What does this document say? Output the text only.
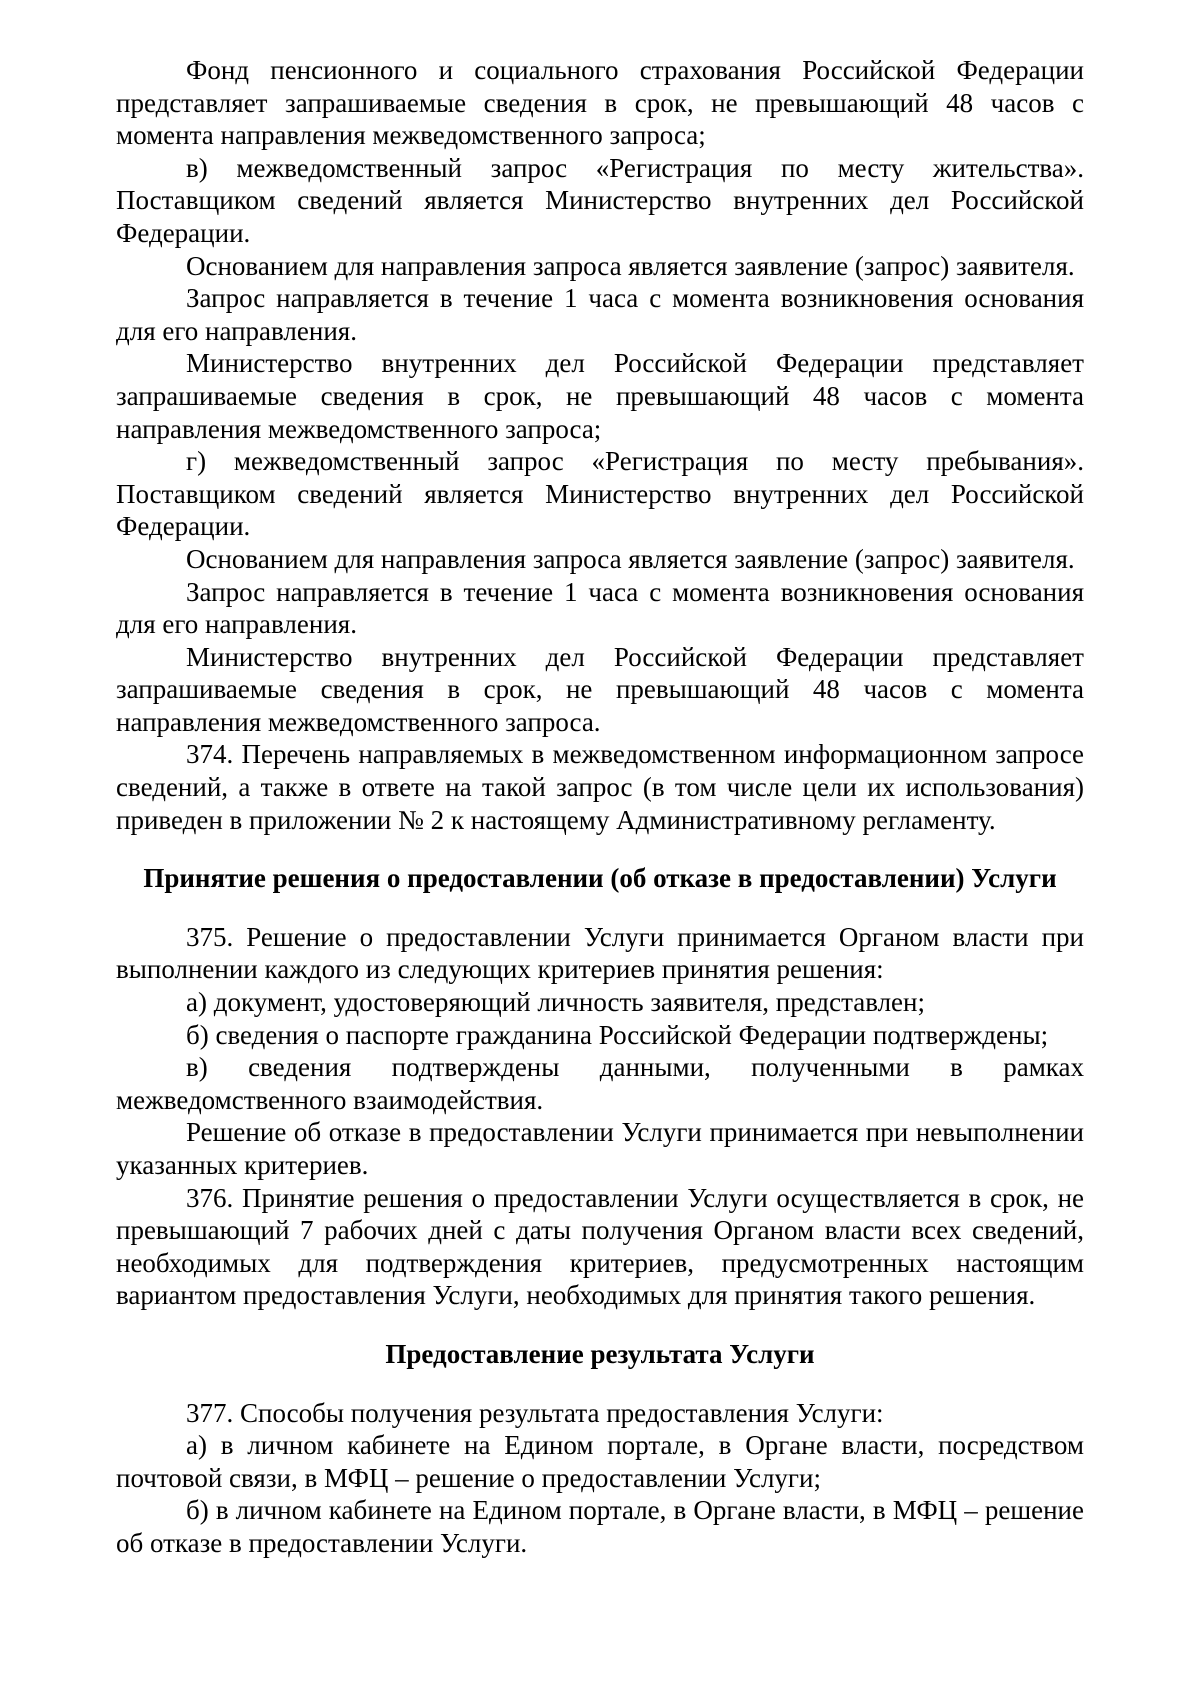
Фонд пенсионного и социального страхования Российской Федерации представляет запрашиваемые сведения в срок, не превышающий 48 часов с момента направления межведомственного запроса;

в) межведомственный запрос «Регистрация по месту жительства». Поставщиком сведений является Министерство внутренних дел Российской Федерации.

Основанием для направления запроса является заявление (запрос) заявителя.

Запрос направляется в течение 1 часа с момента возникновения основания для его направления.

Министерство внутренних дел Российской Федерации представляет запрашиваемые сведения в срок, не превышающий 48 часов с момента направления межведомственного запроса;

г) межведомственный запрос «Регистрация по месту пребывания». Поставщиком сведений является Министерство внутренних дел Российской Федерации.

Основанием для направления запроса является заявление (запрос) заявителя.

Запрос направляется в течение 1 часа с момента возникновения основания для его направления.

Министерство внутренних дел Российской Федерации представляет запрашиваемые сведения в срок, не превышающий 48 часов с момента направления межведомственного запроса.

374. Перечень направляемых в межведомственном информационном запросе сведений, а также в ответе на такой запрос (в том числе цели их использования) приведен в приложении № 2 к настоящему Административному регламенту.

Принятие решения о предоставлении (об отказе в предоставлении) Услуги

375. Решение о предоставлении Услуги принимается Органом власти при выполнении каждого из следующих критериев принятия решения:

а) документ, удостоверяющий личность заявителя, представлен;

б) сведения о паспорте гражданина Российской Федерации подтверждены;

в) сведения подтверждены данными, полученными в рамках межведомственного взаимодействия.

Решение об отказе в предоставлении Услуги принимается при невыполнении указанных критериев.

376. Принятие решения о предоставлении Услуги осуществляется в срок, не превышающий 7 рабочих дней с даты получения Органом власти всех сведений, необходимых для подтверждения критериев, предусмотренных настоящим вариантом предоставления Услуги, необходимых для принятия такого решения.

Предоставление результата Услуги

377. Способы получения результата предоставления Услуги:

а) в личном кабинете на Едином портале, в Органе власти, посредством почтовой связи, в МФЦ – решение о предоставлении Услуги;

б) в личном кабинете на Едином портале, в Органе власти, в МФЦ – решение об отказе в предоставлении Услуги.
